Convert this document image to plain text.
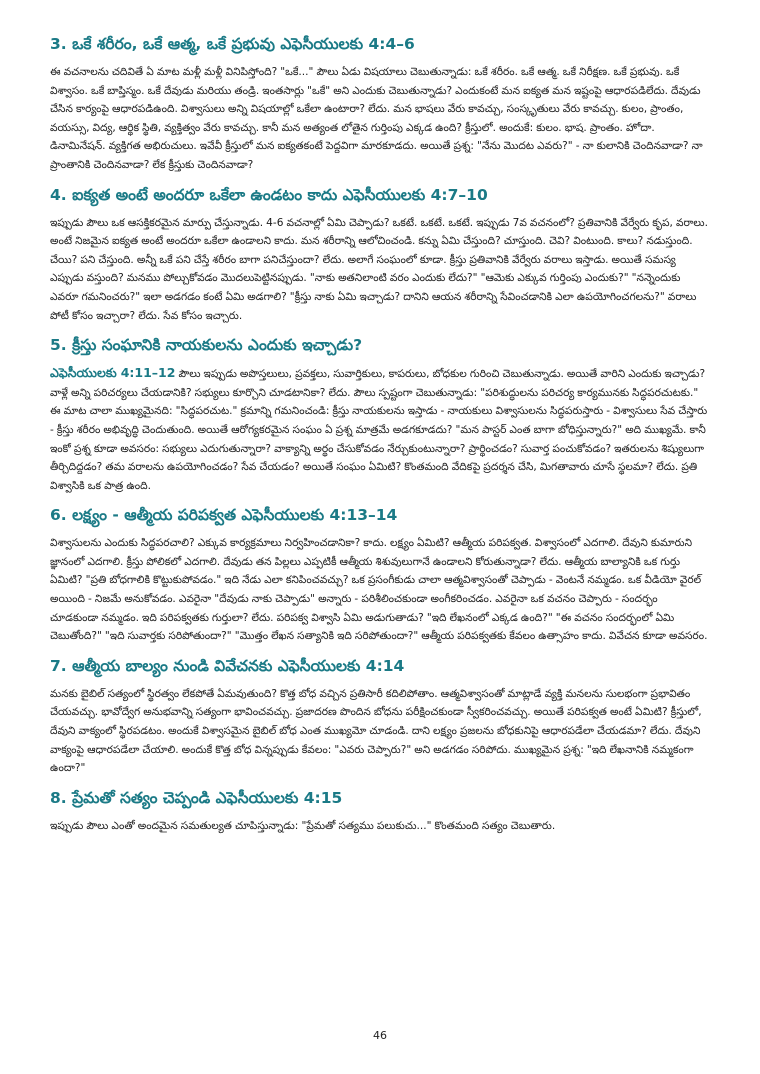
3. ఒకే శరీరం, ఒకే ఆత్మ, ఒకే ప్రభువు ఎఫెసీయులకు 4:4–6
ఈ వచనాలను చదివితే ఏ మాట మళ్లీ మళ్లీ వినిపిస్తోంది? "ఒకే..." పౌలు ఏడు విషయాలు చెబుతున్నాడు: ఒకే శరీరం. ఒకే ఆత్మ. ఒకే నిరీక్షణ. ఒకే ప్రభువు. ఒకే విశ్వాసం. ఒకే బాప్తిస్మం. ఒకే దేవుడు మరియు తండ్రి. ఇంతసార్లు "ఒకే" అని ఎందుకు చెబుతున్నాడు? ఎందుకంటే మన ఐక్యత మన ఇష్టంపై ఆధారపడిలేదు. దేవుడు చేసిన కార్యంపై ఆధారపడిఉంది. విశ్వాసులు అన్ని విషయాల్లో ఒకేలా ఉంటారా? లేదు. మన భాషలు వేరు కావచ్చు, సంస్కృతులు వేరు కావచ్చు. కులం, ప్రాంతం, వయస్సు, విద్య, ఆర్థిక స్థితి, వ్యక్తిత్వం వేరు కావచ్చు. కానీ మన అత్యంత లోతైన గుర్తింపు ఎక్కడ ఉంది? క్రీస్తులో. అందుకే: కులం. భాష. ప్రాంతం. హోదా. డినామినేషన్. వ్యక్తిగత అభిరుచులు. ఇవేవీ క్రీస్తులో మన ఐక్యతకంటే పెద్దవిగా మారకూడదు. అయితే ప్రశ్న: "నేను మొదట ఎవరు?" - నా కులానికి చెందినవాడా? నా ప్రాంతానికి చెందినవాడా? లేక క్రీస్తుకు చెందినవాడా?
4. ఐక్యత అంటే అందరూ ఒకేలా ఉండటం కాదు ఎఫెసీయులకు 4:7–10
ఇప్పుడు పౌలు ఒక ఆసక్తికరమైన మార్పు చేస్తున్నాడు. 4-6 వచనాల్లో ఏమి చెప్పాడు? ఒకటే. ఒకటే. ఒకటే. ఇప్పుడు 7వ వచనంలో? ప్రతివానికి వేర్వేరు కృప, వరాలు. అంటే నిజమైన ఐక్యత అంటే అందరూ ఒకేలా ఉండాలని కాదు. మన శరీరాన్ని ఆలోచించండి. కన్ను ఏమి చేస్తుంది? చూస్తుంది. చెవి? వింటుంది. కాలు? నడుస్తుంది. చేయి? పని చేస్తుంది. అన్నీ ఒకే పని చేస్తే శరీరం బాగా పనిచేస్తుందా? లేదు. అలాగే సంఘంలో కూడా. క్రీస్తు ప్రతివానికి వేర్వేరు వరాలు ఇస్తాడు. అయితే సమస్య ఎప్పుడు వస్తుంది? మనము పోల్చుకోవడం మొదలుపెట్టినప్పుడు. "నాకు అతనిలాంటి వరం ఎందుకు లేదు?" "ఆమెకు ఎక్కువ గుర్తింపు ఎందుకు?" "నన్నెందుకు ఎవరూ గమనించరు?" ఇలా అడగడం కంటే ఏమి అడగాలి? "క్రీస్తు నాకు ఏమి ఇచ్చాడు? దానిని ఆయన శరీరాన్ని సేవించడానికి ఎలా ఉపయోగించగలను?" వరాలు పోటీ కోసం ఇచ్చారా? లేదు. సేవ కోసం ఇచ్చారు.
5. క్రీస్తు సంఘానికి నాయకులను ఎందుకు ఇచ్చాడు?
ఎఫెసీయులకు 4:11–12 పౌలు ఇప్పుడు అపొస్తలులు, ప్రవక్తలు, సువార్తికులు, కాపరులు, బోధకుల గురించి చెబుతున్నాడు. అయితే వారిని ఎందుకు ఇచ్చాడు? వాళ్లే అన్ని పరిచర్యలు చేయడానికి? సభ్యులు కూర్చొని చూడటానికా? లేదు. పౌలు స్పష్టంగా చెబుతున్నాడు: "పరిశుద్ధులను పరిచర్య కార్యమునకు సిద్ధపరచుటకు." ఈ మాట చాలా ముఖ్యమైనది: "సిద్ధపరచుట." క్రమాన్ని గమనించండి: క్రీస్తు నాయకులను ఇస్తాడు - నాయకులు విశ్వాసులను సిద్ధపరుస్తారు - విశ్వాసులు సేవ చేస్తారు - క్రీస్తు శరీరం అభివృద్ధి చెందుతుంది. అయితే ఆరోగ్యకరమైన సంఘం ఏ ప్రశ్న మాత్రమే అడగకూడదు? "మన పాస్టర్ ఎంత బాగా బోధిస్తున్నారు?" అది ముఖ్యమే. కానీ ఇంకో ప్రశ్న కూడా అవసరం: సభ్యులు ఎదుగుతున్నారా? వాక్యాన్ని అర్థం చేసుకోవడం నేర్చుకుంటున్నారా? ప్రార్థించడం? సువార్త పంచుకోవడం? ఇతరులను శిష్యులుగా తీర్చిదిద్దడం? తమ వరాలను ఉపయోగించడం? సేవ చేయడం? అయితే సంఘం ఏమిటి? కొంతమంది వేదికపై ప్రదర్శన చేసి, మిగతావారు చూసే స్థలమా? లేదు. ప్రతి విశ్వాసికి ఒక పాత్ర ఉంది.
6. లక్ష్యం - ఆత్మీయ పరిపక్వత ఎఫెసీయులకు 4:13–14
విశ్వాసులను ఎందుకు సిద్ధపరచాలి? ఎక్కువ కార్యక్రమాలు నిర్వహించడానికా? కాదు. లక్ష్యం ఏమిటి? ఆత్మీయ పరిపక్వత. విశ్వాసంలో ఎదగాలి. దేవుని కుమారుని జ్ఞానంలో ఎదగాలి. క్రీస్తు పోలికలో ఎదగాలి. దేవుడు తన పిల్లలు ఎప్పటికీ ఆత్మీయ శిశువులుగానే ఉండాలని కోరుతున్నాడా? లేదు. ఆత్మీయ బాల్యానికి ఒక గుర్తు ఏమిటి? "ప్రతి బోధగాలికి కొట్టుకుపోవడం." ఇది నేడు ఎలా కనిపించవచ్చు? ఒక ప్రసంగీకుడు చాలా ఆత్మవిశ్వాసంతో చెప్పాడు - వెంటనే నమ్మడం. ఒక వీడియో వైరల్ అయింది - నిజమే అనుకోవడం. ఎవరైనా "దేవుడు నాకు చెప్పాడు" అన్నారు - పరిశీలించకుండా అంగీకరించడం. ఎవరైనా ఒక వచనం చెప్పారు - సందర్భం చూడకుండా నమ్మడం. ఇది పరిపక్వతకు గుర్తులా? లేదు. పరిపక్వ విశ్వాసి ఏమి అడుగుతాడు? "ఇది లేఖనంలో ఎక్కడ ఉంది?" "ఈ వచనం సందర్భంలో ఏమి చెబుతోంది?" "ఇది సువార్తకు సరిపోతుందా?" "మొత్తం లేఖన సత్యానికి ఇది సరిపోతుందా?" ఆత్మీయ పరిపక్వతకు కేవలం ఉత్సాహం కాదు. వివేచన కూడా అవసరం.
7. ఆత్మీయ బాల్యం నుండి వివేచనకు ఎఫెసీయులకు 4:14
మనకు బైబిల్ సత్యంలో స్థిరత్వం లేకపోతే ఏమవుతుంది? కొత్త బోధ వచ్చిన ప్రతిసారీ కదిలిపోతాం. ఆత్మవిశ్వాసంతో మాట్లాడే వ్యక్తి మనలను సులభంగా ప్రభావితం చేయవచ్చు. భావోద్వేగ అనుభవాన్ని సత్యంగా భావించవచ్చు. ప్రజాదరణ పొందిన బోధను పరీక్షించకుండా స్వీకరించవచ్చు. అయితే పరిపక్వత అంటే ఏమిటి? క్రీస్తులో, దేవుని వాక్యంలో స్థిరపడటం. అందుకే విశ్వాసమైన బైబిల్ బోధ ఎంత ముఖ్యమో చూడండి. దాని లక్ష్యం ప్రజలను బోధకునిపై ఆధారపడేలా చేయడమా? లేదు. దేవుని వాక్యంపై ఆధారపడేలా చేయాలి. అందుకే కొత్త బోధ విన్నప్పుడు కేవలం: "ఎవరు చెప్పారు?" అని అడగడం సరిపోదు. ముఖ్యమైన ప్రశ్న: "ఇది లేఖనానికి నమ్మకంగా ఉందా?"
8. ప్రేమతో సత్యం చెప్పండి ఎఫెసీయులకు 4:15
ఇప్పుడు పౌలు ఎంతో అందమైన సమతుల్యత చూపిస్తున్నాడు: "ప్రేమతో సత్యము పలుకుచు..." కొంతమంది సత్యం చెబుతారు.
46
